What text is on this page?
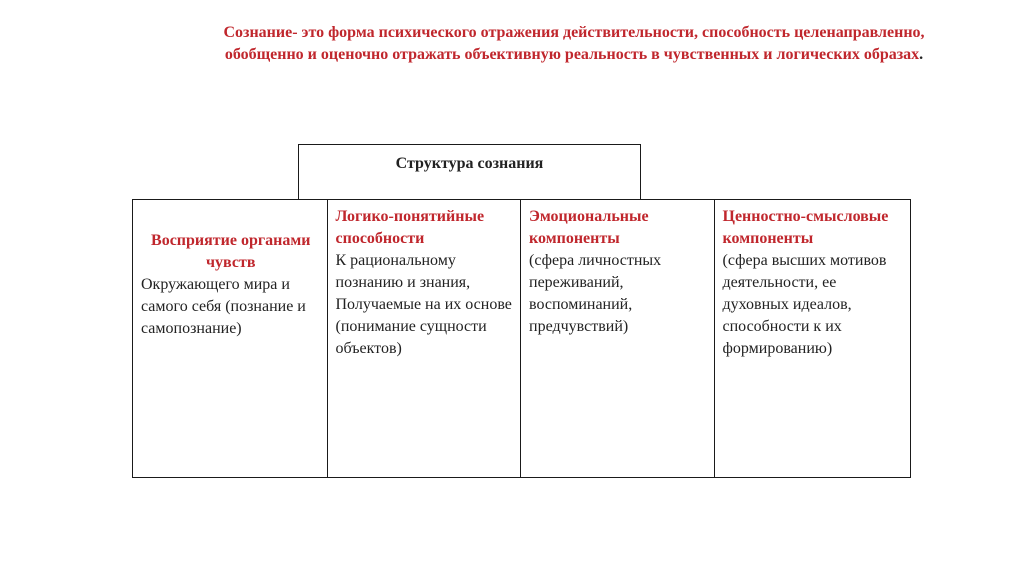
Сознание- это форма психического отражения действительности, способность целенаправленно, обобщенно и оценочно отражать объективную реальность в чувственных и логических образах.
Структура сознания
Восприятие органами чувств
Окружающего мира и самого себя (познание и самопознание)
Логико-понятийные способности
К рациональному познанию и знания, Получаемые на их основе (понимание сущности объектов)
Эмоциональные компоненты
(сфера личностных переживаний, воспоминаний, предчувствий)
Ценностно-смысловые компоненты
(сфера высших мотивов деятельности, ее духовных идеалов, способности к их формированию)
